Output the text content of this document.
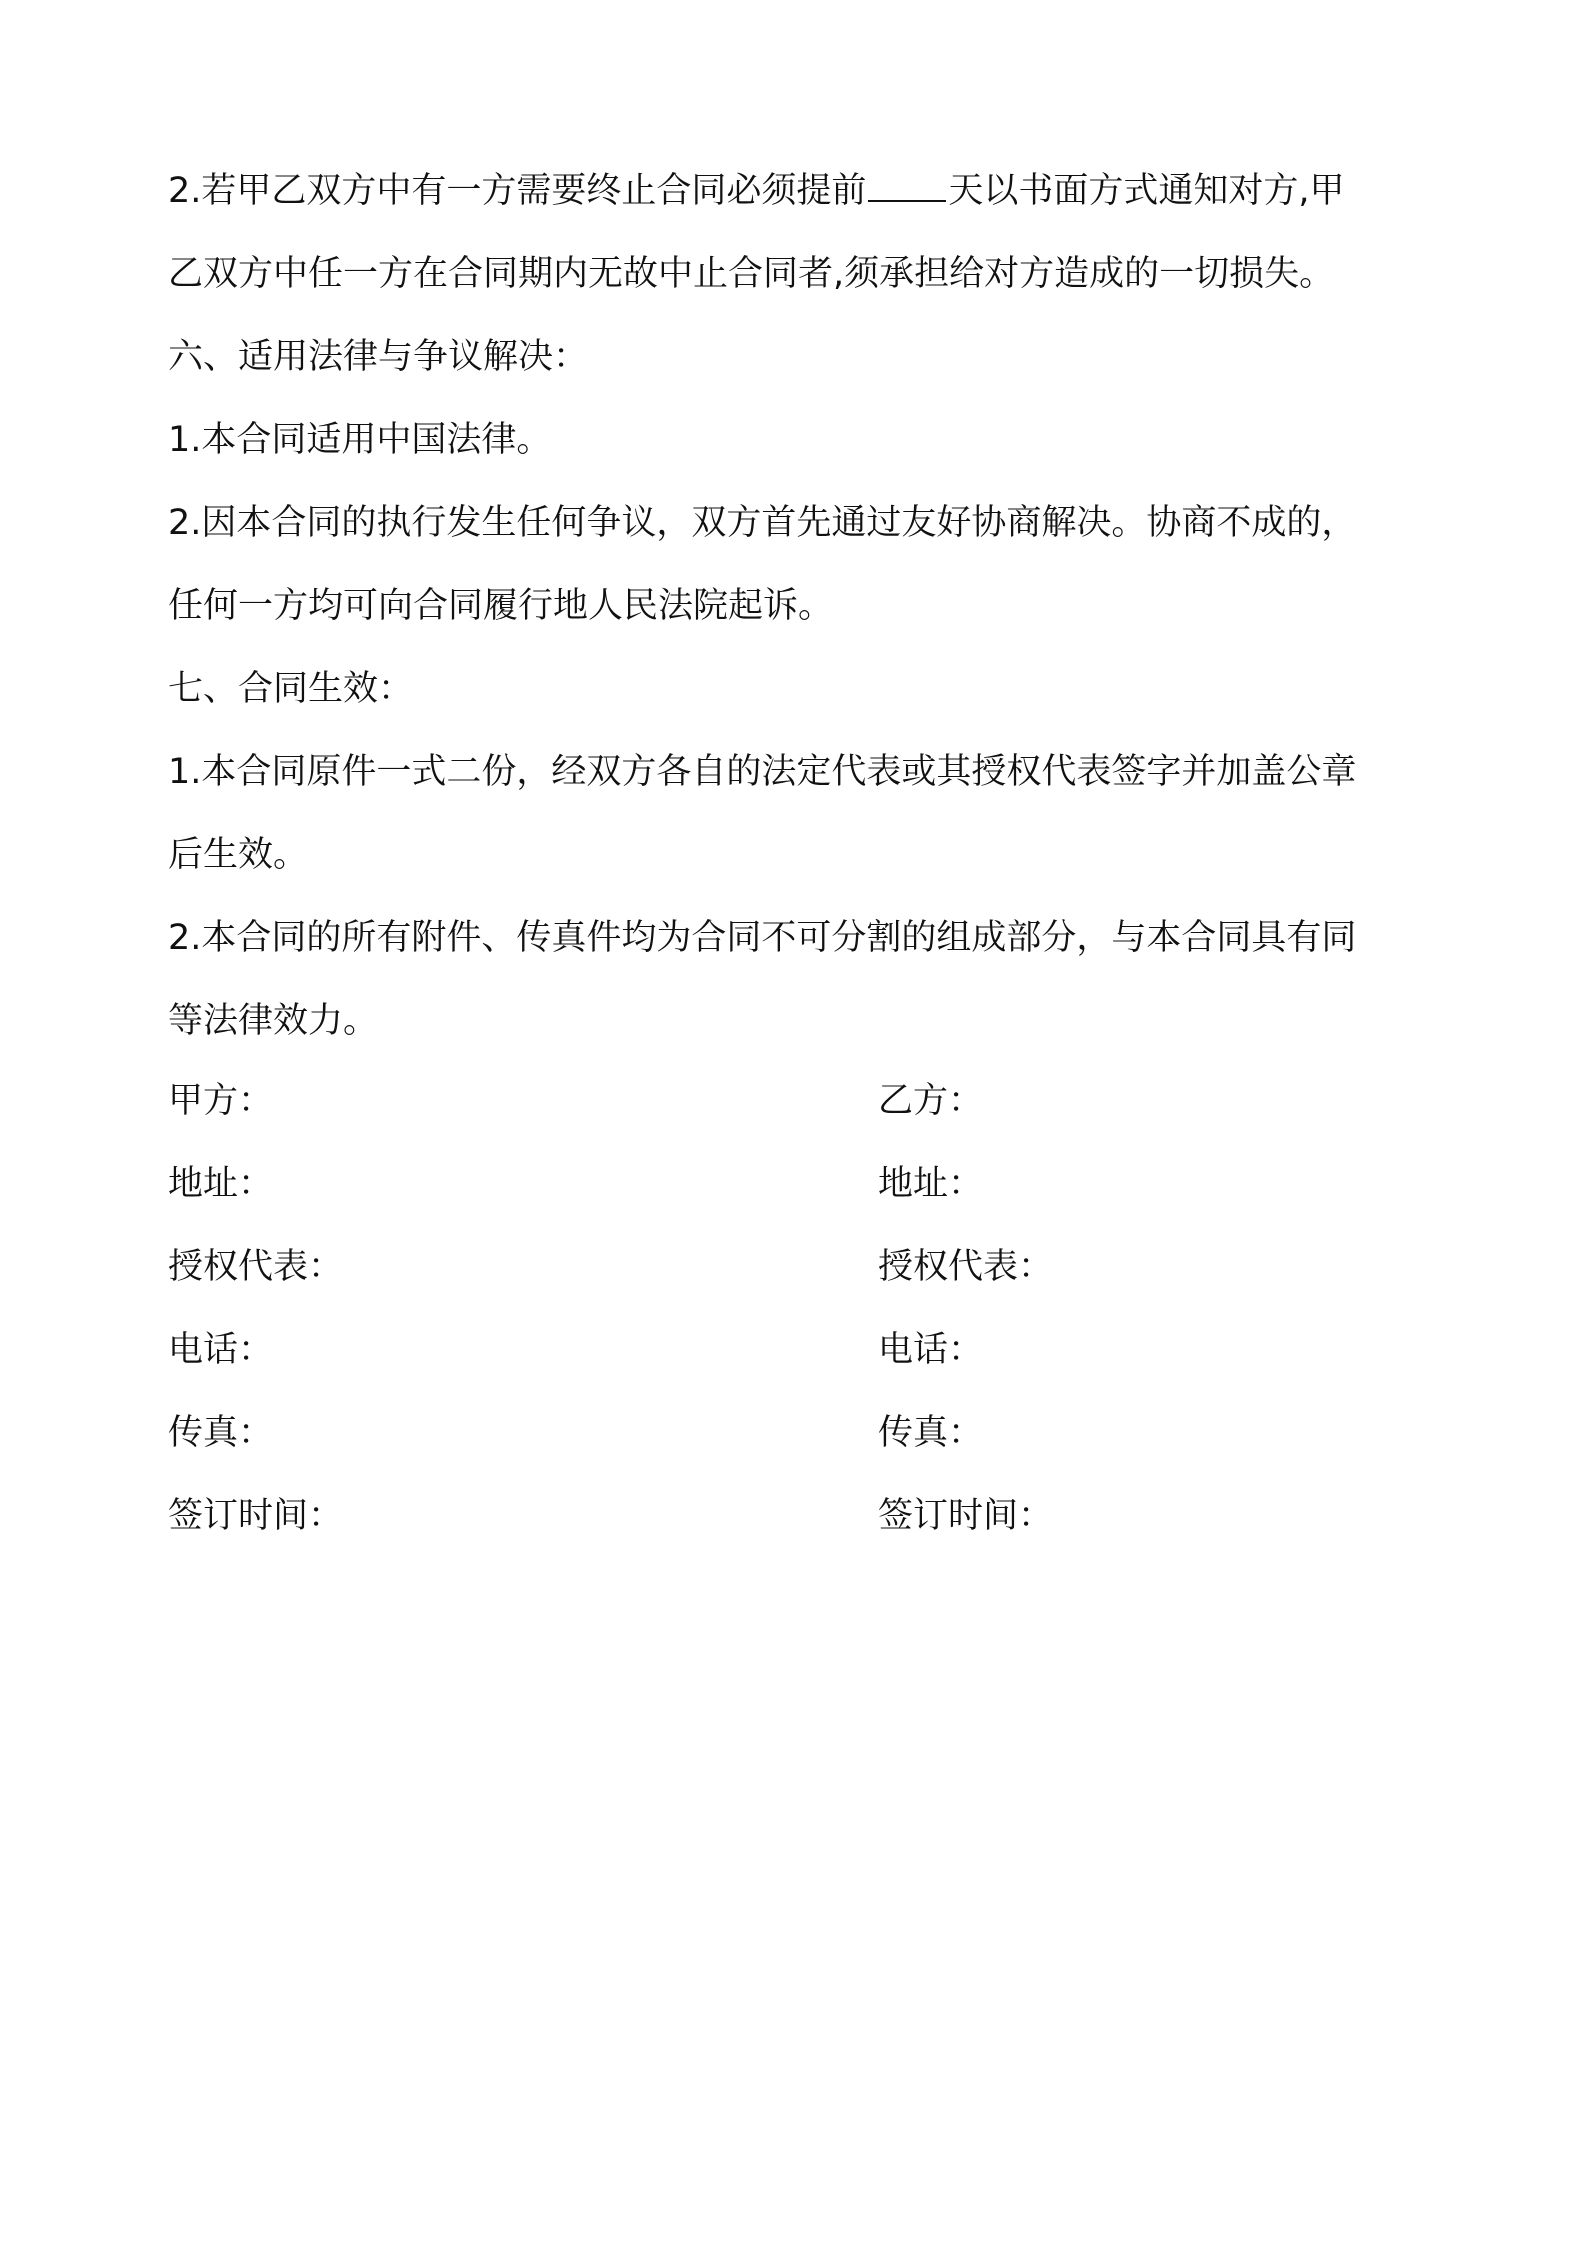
2.若甲乙双方中有一方需要终止合同必须提前 天以书面方式通知对方,甲

乙双方中任一方在合同期内无故中止合同者,须承担给对方造成的一切损失。

六、适用法律与争议解决：

1.本合同适用中国法律。

2.因本合同的执行发生任何争议，双方首先通过友好协商解决。协商不成的，

任何一方均可向合同履行地人民法院起诉。

七、合同生效：

1.本合同原件一式二份，经双方各自的法定代表或其授权代表签字并加盖公章

后生效。

2.本合同的所有附件、传真件均为合同不可分割的组成部分，与本合同具有同

等法律效力。

甲方：	乙方：
地址：	地址：
授权代表：	授权代表：
电话：	电话：
传真：	传真：
签订时间：	签订时间：
